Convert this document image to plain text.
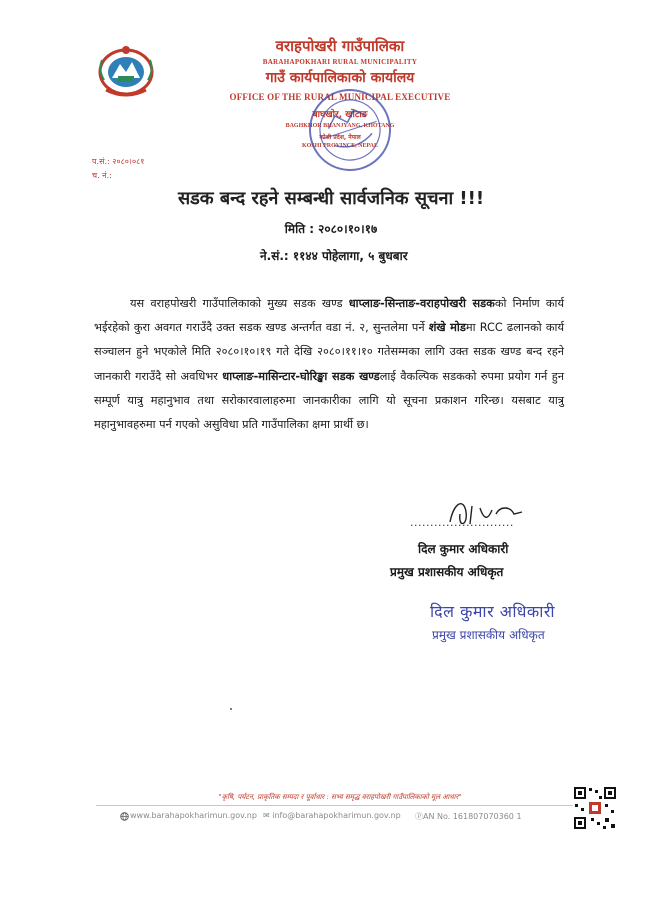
वराहपोखरी गाउँपालिका
BARAHAPOKHARI RURAL MUNICIPALITY
गाउँ कार्यपालिकाको कार्यालय
OFFICE OF THE RURAL MUNICIPAL EXECUTIVE
बाघखोर, खोटाङ
BAGHKHOR BHANJYANG, KHOTANG
कोशी प्रदेश, नेपाल
KOSHI PROVINCE, NEPAL
प.सं.: २०८०।०८१
च. नं.:
सडक बन्द रहने सम्बन्धी सार्वजनिक सूचना !!!
मिति : २०८०।१०।१७
ने.सं.: ११४४ पोहेलागा, ५ बुधबार

यस वराहपोखरी गाउँपालिकाको मुख्य सडक खण्ड धाप्लाङ-सिन्ताङ-वराहपोखरी सडकको निर्माण कार्य भईरहेको कुरा अवगत गराउँदै उक्त सडक खण्ड अन्तर्गत वडा नं. २, सुन्तलेमा पर्ने शंखे मोडमा RCC ढलानको कार्य सञ्चालन हुने भएकोले मिति २०८०।१०।१९ गते देखि २०८०।११।१० गतेसम्मका लागि उक्त सडक खण्ड बन्द रहने जानकारी गराउँदै सो अवधिभर धाप्लाङ-मासिन्टार-घोरिङ्खा सडक खण्डलाई वैकल्पिक सडकको रुपमा प्रयोग गर्न हुन सम्पूर्ण यात्रु महानुभाव तथा सरोकारवालाहरुमा जानकारीका लागि यो सूचना प्रकाशन गरिन्छ। यसबाट यात्रु महानुभावहरुमा पर्न गएको असुविधा प्रति गाउँपालिका क्षमा प्रार्थी छ।

..........................
दिल कुमार अधिकारी
प्रमुख प्रशासकीय अधिकृत
दिल कुमार अधिकारी
प्रमुख प्रशासकीय अधिकृत
"कृषि, पर्यटन, प्राकृतिक सम्पदा र पूर्वाधार : सभ्य समृद्ध वराहपोखरी गाउँपालिकाको मूल आधार"
www.barahapokharimun.gov.np ✉ info@barahapokharimun.gov.np ⓅAN No. 161807070360 1
